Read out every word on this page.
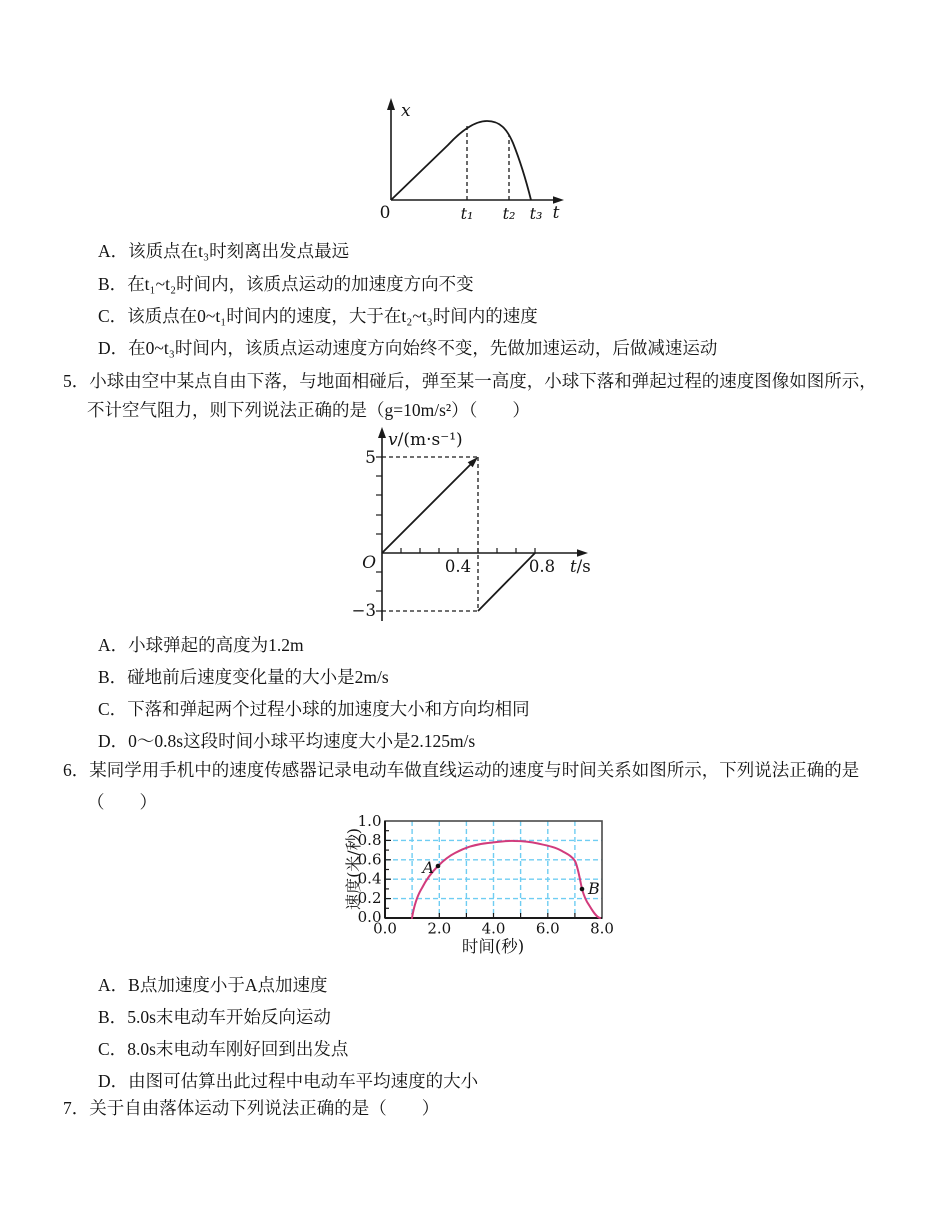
x
0	t₁ t₂ t₃ t
A．该质点在t₃时刻离出发点最远
B．在t₁~t₂时间内，该质点运动的加速度方向不变
C．该质点在0~t₁时间内的速度，大于在t₂~t₃时间内的速度
D．在0~t₃时间内，该质点运动速度方向始终不变，先做加速运动，后做减速运动
5．小球由空中某点自由下落，与地面相碰后，弹至某一高度，小球下落和弹起过程的速度图像如图所示，
不计空气阻力，则下列说法正确的是（g=10m/s²）（　　）
v/(m·s⁻¹)
5
O	0.4	0.8 t/s
−3
A．小球弹起的高度为1.2m
B．碰地前后速度变化量的大小是2m/s
C．下落和弹起两个过程小球的加速度大小和方向均相同
D．0～0.8s这段时间小球平均速度大小是2.125m/s
6．某同学用手机中的速度传感器记录电动车做直线运动的速度与时间关系如图所示，下列说法正确的是
（　　）
A
B
1.0
0.8
0.6
0.4
0.2
0.0
0.0 2.0 4.0 6.0 8.0
速度(米/秒)
时间(秒)
A．B点加速度小于A点加速度
B．5.0s末电动车开始反向运动
C．8.0s末电动车刚好回到出发点
D．由图可估算出此过程中电动车平均速度的大小
7．关于自由落体运动下列说法正确的是（　　）
